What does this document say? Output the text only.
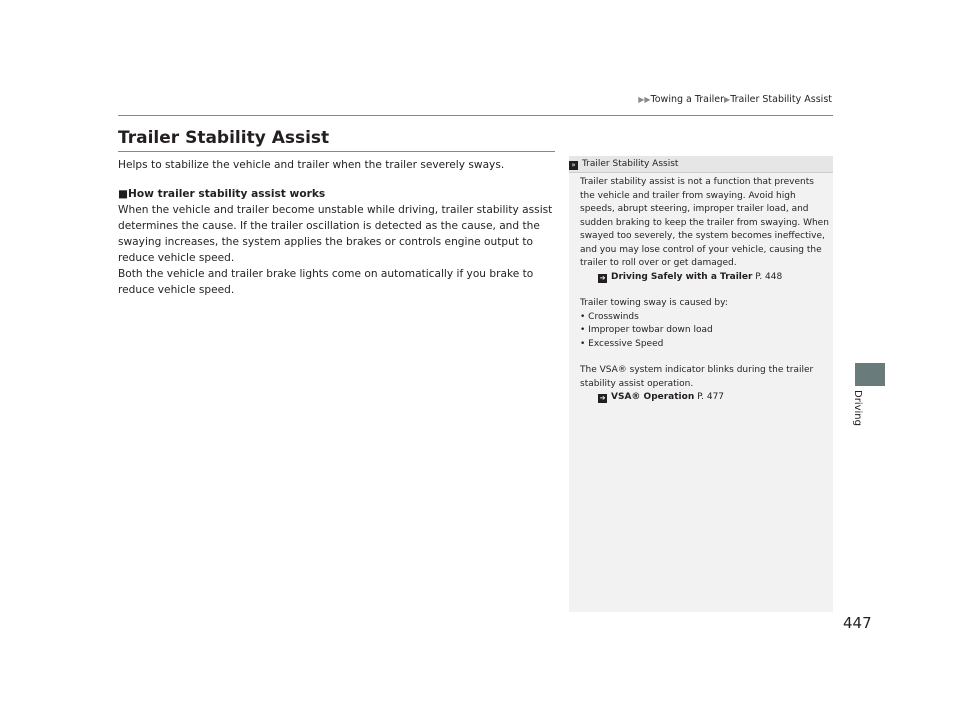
▶▶Towing a Trailer▶Trailer Stability Assist
Trailer Stability Assist

Helps to stabilize the vehicle and trailer when the trailer severely sways.

■How trailer stability assist works

When the vehicle and trailer become unstable while driving, trailer stability assist determines the cause. If the trailer oscillation is detected as the cause, and the swaying increases, the system applies the brakes or controls engine output to reduce vehicle speed.

Both the vehicle and trailer brake lights come on automatically if you brake to reduce vehicle speed.

» Trailer Stability Assist

Trailer stability assist is not a function that prevents the vehicle and trailer from swaying. Avoid high speeds, abrupt steering, improper trailer load, and sudden braking to keep the trailer from swaying. When swayed too severely, the system becomes ineffective, and you may lose control of your vehicle, causing the trailer to roll over or get damaged.

➔ Driving Safely with a Trailer P. 448

Trailer towing sway is caused by:

• Crosswinds

• Improper towbar down load

• Excessive Speed

The VSA® system indicator blinks during the trailer stability assist operation.

➔ VSA® Operation P. 477	Driving
447
